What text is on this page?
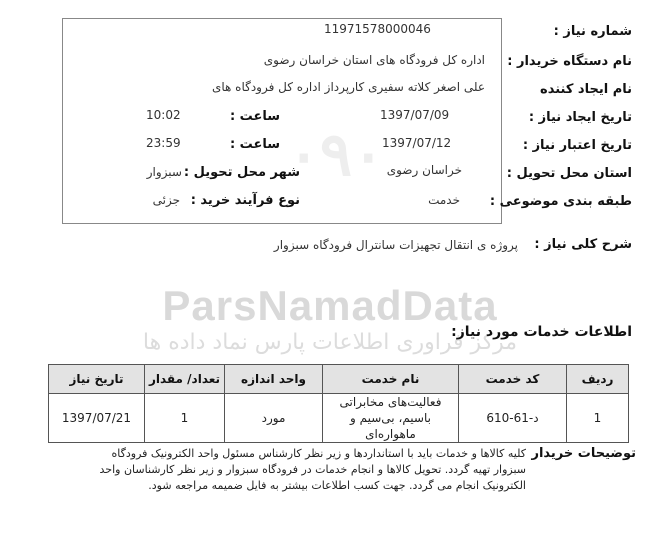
۰۹۰
ParsNamadData
مرکز فراوری اطلاعات پارس نماد داده ها
شماره نیاز :
11971578000046
نام دستگاه خریدار :
اداره کل فرودگاه های استان خراسان رضوی
نام ایجاد کننده
علی اصغر کلاته سفیری کارپرداز اداره کل فرودگاه های
تاریخ ایجاد نیاز :
1397/07/09
ساعت :
10:02
تاریخ اعتبار نیاز :
1397/07/12
ساعت :
23:59
استان محل تحویل :
خراسان رضوی
شهر محل تحویل :
سبزوار
طبقه بندی موضوعی :
خدمت
نوع فرآیند خرید :
جزئی
شرح کلی نیاز :
پروژه ی انتقال تجهیزات سانترال فرودگاه سبزوار
اطلاعات خدمات مورد نیاز:
ردیف	کد خدمت	نام خدمت	واحد اندازه	تعداد/ مقدار	تاریخ نیاز
1	د-61-610	فعالیت‌های مخابراتی
باسیم، بی‌سیم و ماهواره‌ای	مورد	1	1397/07/21
توضیحات خریدار
کلیه کالاها و خدمات باید با استانداردها و زیر نظر کارشناس مسئول واحد الکترونیک فرودگاه سبزوار تهیه گردد. تحویل کالاها و انجام خدمات در فرودگاه سبزوار و زیر نظر کارشناسان واحد الکترونیک انجام می گردد. جهت کسب اطلاعات بیشتر به فایل ضمیمه مراجعه شود.
